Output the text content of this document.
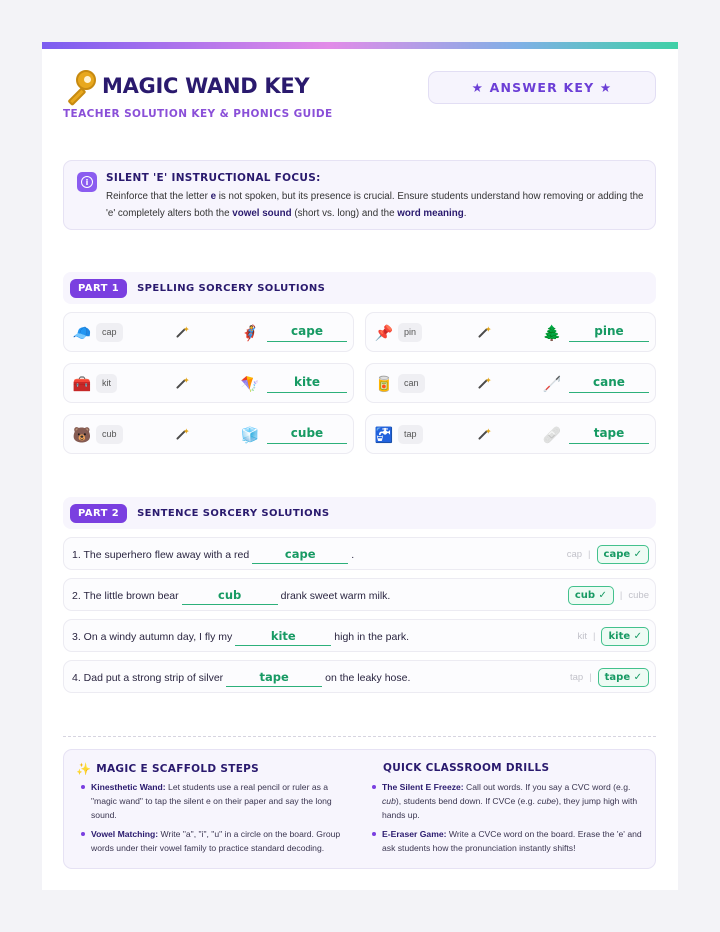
MAGIC WAND KEY
TEACHER SOLUTION KEY & PHONICS GUIDE
★ ANSWER KEY ★
i	SILENT 'E' INSTRUCTIONAL FOCUS:
Reinforce that the letter e is not spoken, but its presence is crucial. Ensure students understand how removing or adding the 'e' completely alters both the vowel sound (short vs. long) and the word meaning.
PART 1	SPELLING SORCERY SOLUTIONS
🧢	cap	✦	🦸	cape	📌	pin	✦	🌲	pine
🧰	kit	✦	🪁	kite	🥫	can	✦	🦯	cane
🐻	cub	✦	🧊	cube	🚰	tap	✦	🩹	tape
PART 2	SENTENCE SORCERY SOLUTIONS
1. The superhero flew away with a red	cape	.	cap |	cape ✓
2. The little brown bear	cub	drank sweet warm milk.	cub ✓	| cube
3. On a windy autumn day, I fly my	kite	high in the park.	kit |	kite ✓
4. Dad put a strong strip of silver	tape	on the leaky hose.	tap |	tape ✓
✨ MAGIC E SCAFFOLD STEPS
Kinesthetic Wand: Let students use a real pencil or ruler as a "magic wand" to tap the silent e on their paper and say the long sound.
Vowel Matching: Write "a", "i", "u" in a circle on the board. Group words under their vowel family to practice standard decoding.
QUICK CLASSROOM DRILLS
The Silent E Freeze: Call out words. If you say a CVC word (e.g. cub), students bend down. If CVCe (e.g. cube), they jump high with hands up.
E-Eraser Game: Write a CVCe word on the board. Erase the 'e' and ask students how the pronunciation instantly shifts!
